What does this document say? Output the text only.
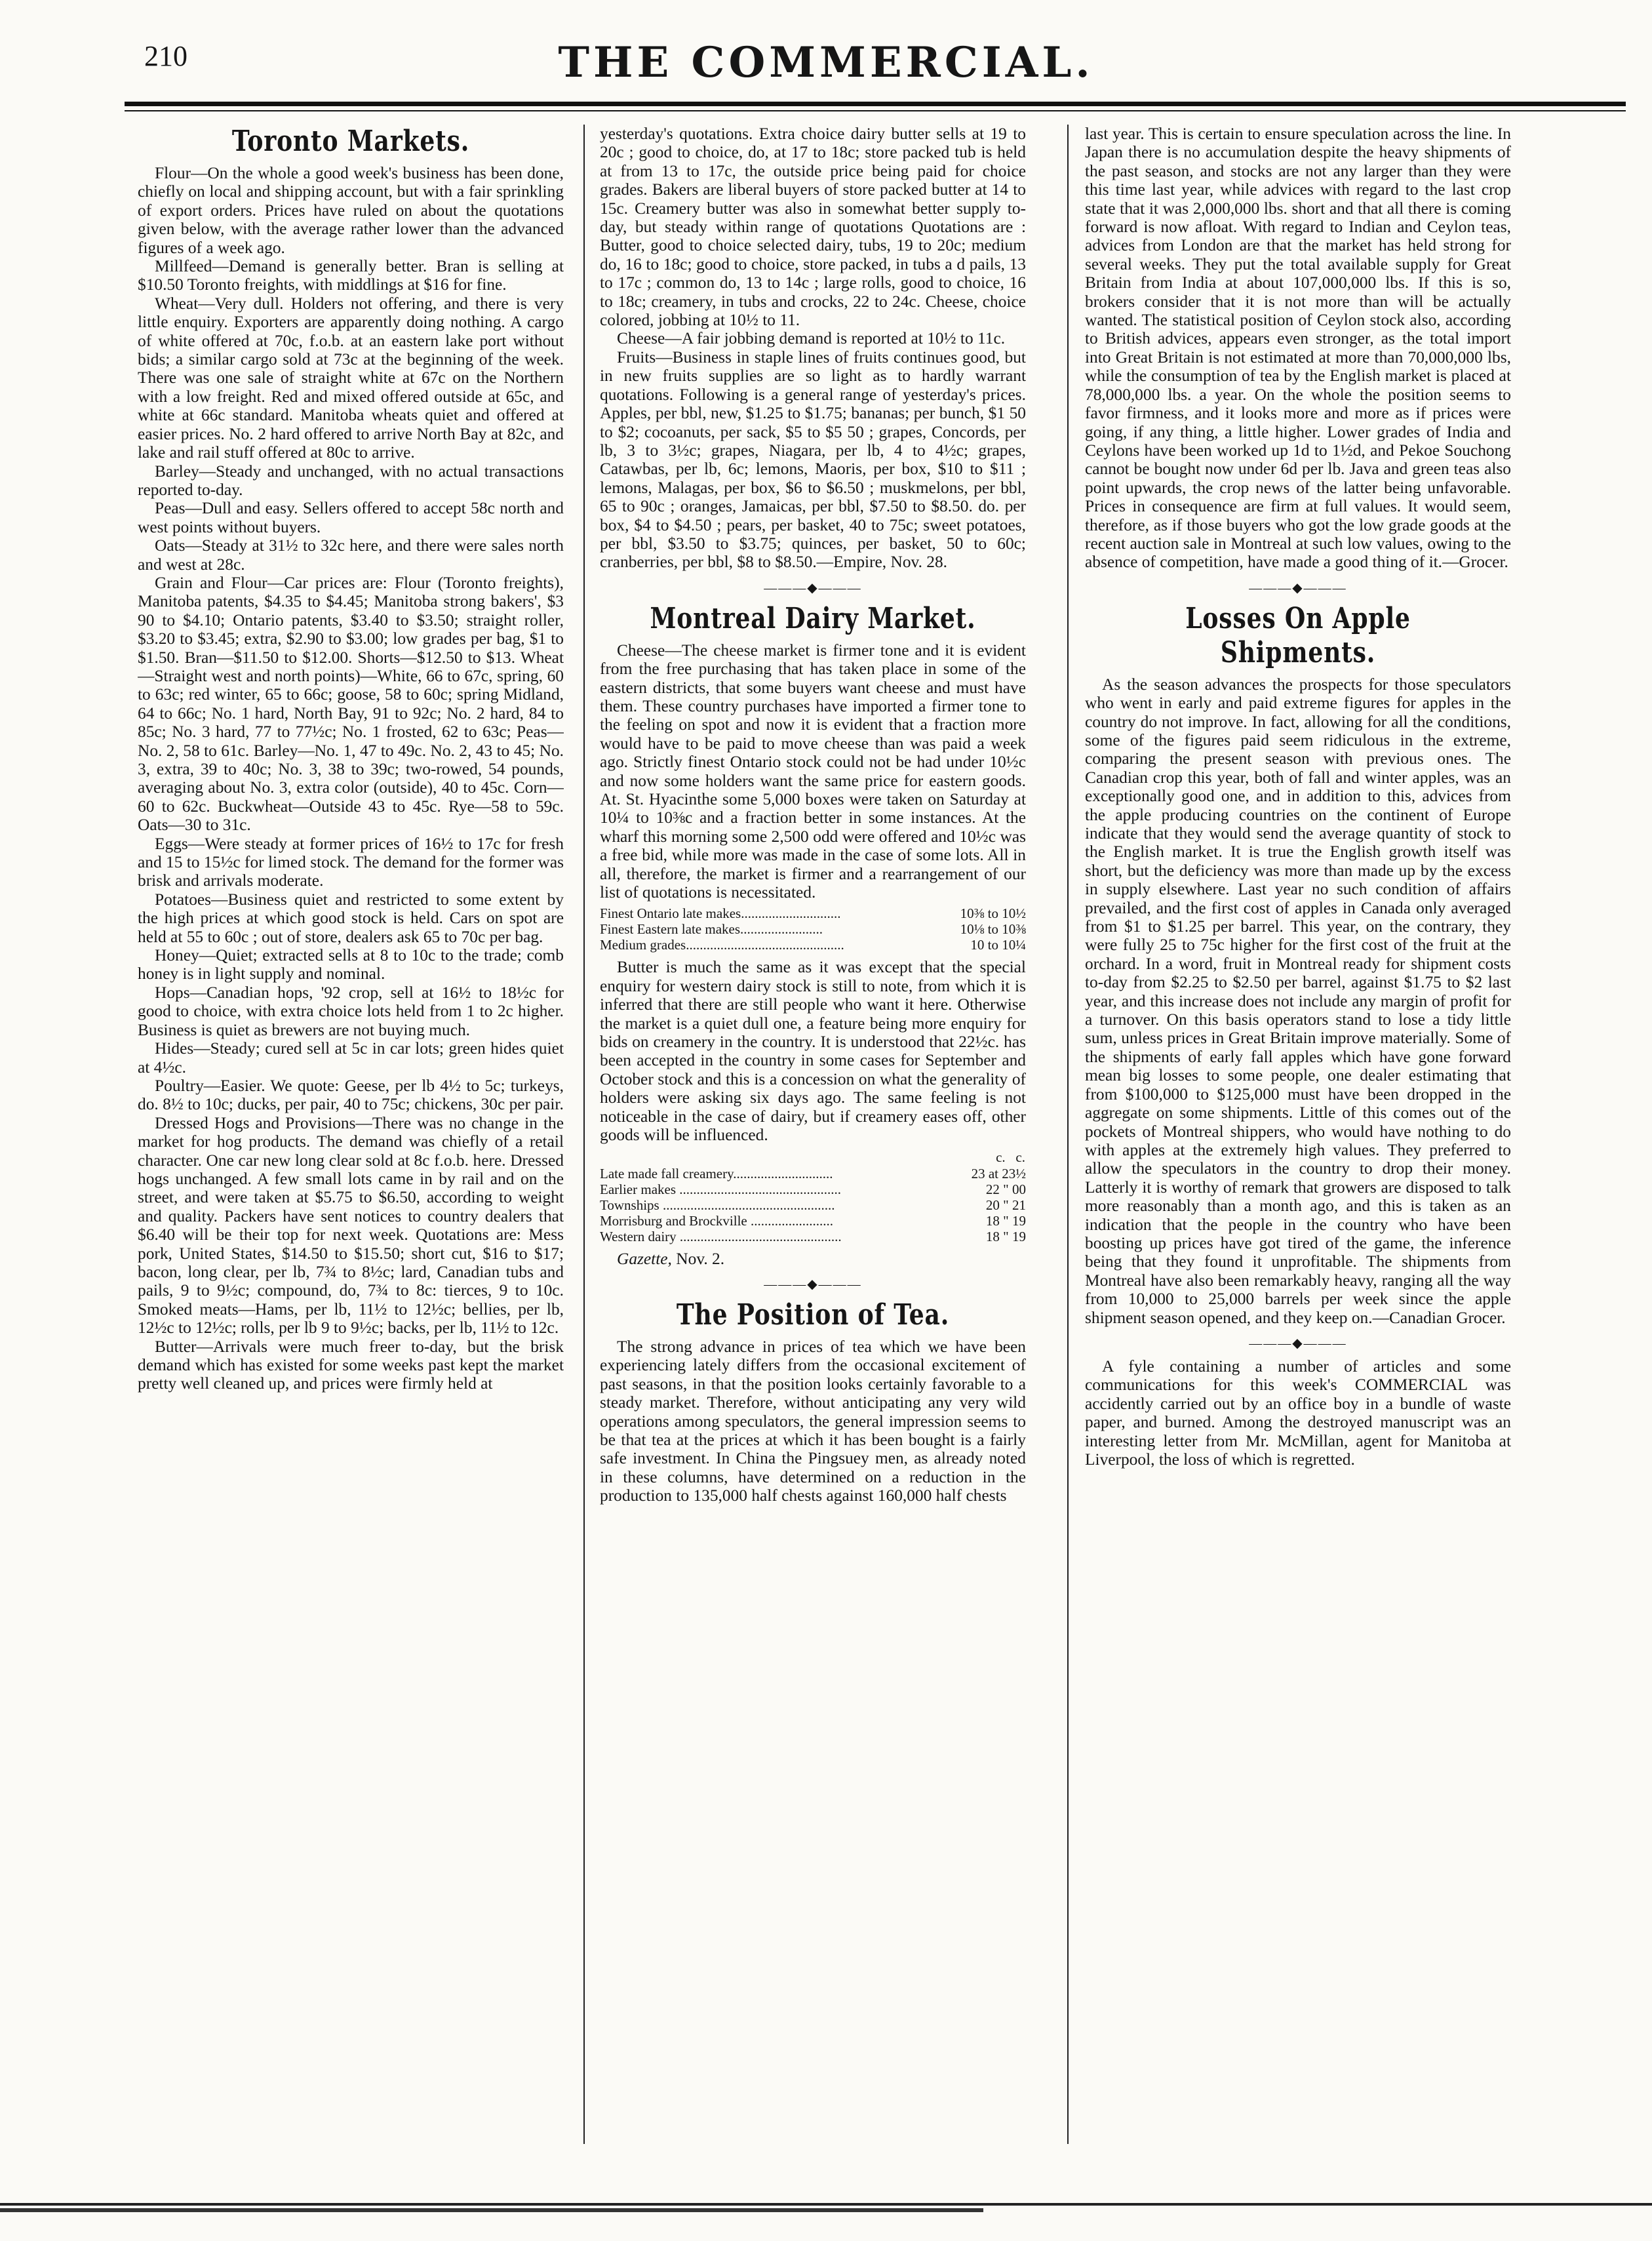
210	THE COMMERCIAL.
Toronto Markets.

Flour—On the whole a good week's business has been done, chiefly on local and shipping account, but with a fair sprinkling of export orders. Prices have ruled on about the quotations given below, with the average rather lower than the advanced figures of a week ago.

Millfeed—Demand is generally better. Bran is selling at $10.50 Toronto freights, with middlings at $16 for fine.

Wheat—Very dull. Holders not offering, and there is very little enquiry. Exporters are apparently doing nothing. A cargo of white offered at 70c, f.o.b. at an eastern lake port without bids; a similar cargo sold at 73c at the beginning of the week. There was one sale of straight white at 67c on the Northern with a low freight. Red and mixed offered outside at 65c, and white at 66c standard. Manitoba wheats quiet and offered at easier prices. No. 2 hard offered to arrive North Bay at 82c, and lake and rail stuff offered at 80c to arrive.

Barley—Steady and unchanged, with no actual transactions reported to-day.

Peas—Dull and easy. Sellers offered to accept 58c north and west points without buyers.

Oats—Steady at 31½ to 32c here, and there were sales north and west at 28c.

Grain and Flour—Car prices are: Flour (Toronto freights), Manitoba patents, $4.35 to $4.45; Manitoba strong bakers', $3 90 to $4.10; Ontario patents, $3.40 to $3.50; straight roller, $3.20 to $3.45; extra, $2.90 to $3.00; low grades per bag, $1 to $1.50. Bran—$11.50 to $12.00. Shorts—$12.50 to $13. Wheat—Straight west and north points)—White, 66 to 67c, spring, 60 to 63c; red winter, 65 to 66c; goose, 58 to 60c; spring Midland, 64 to 66c; No. 1 hard, North Bay, 91 to 92c; No. 2 hard, 84 to 85c; No. 3 hard, 77 to 77½c; No. 1 frosted, 62 to 63c; Peas—No. 2, 58 to 61c. Barley—No. 1, 47 to 49c. No. 2, 43 to 45; No. 3, extra, 39 to 40c; No. 3, 38 to 39c; two-rowed, 54 pounds, averaging about No. 3, extra color (outside), 40 to 45c. Corn—60 to 62c. Buckwheat—Outside 43 to 45c. Rye—58 to 59c. Oats—30 to 31c.

Eggs—Were steady at former prices of 16½ to 17c for fresh and 15 to 15½c for limed stock. The demand for the former was brisk and arrivals moderate.

Potatoes—Business quiet and restricted to some extent by the high prices at which good stock is held. Cars on spot are held at 55 to 60c ; out of store, dealers ask 65 to 70c per bag.

Honey—Quiet; extracted sells at 8 to 10c to the trade; comb honey is in light supply and nominal.

Hops—Canadian hops, '92 crop, sell at 16½ to 18½c for good to choice, with extra choice lots held from 1 to 2c higher. Business is quiet as brewers are not buying much.

Hides—Steady; cured sell at 5c in car lots; green hides quiet at 4½c.

Poultry—Easier. We quote: Geese, per lb 4½ to 5c; turkeys, do. 8½ to 10c; ducks, per pair, 40 to 75c; chickens, 30c per pair.

Dressed Hogs and Provisions—There was no change in the market for hog products. The demand was chiefly of a retail character. One car new long clear sold at 8c f.o.b. here. Dressed hogs unchanged. A few small lots came in by rail and on the street, and were taken at $5.75 to $6.50, according to weight and quality. Packers have sent notices to country dealers that $6.40 will be their top for next week. Quotations are: Mess pork, United States, $14.50 to $15.50; short cut, $16 to $17; bacon, long clear, per lb, 7¾ to 8½c; lard, Canadian tubs and pails, 9 to 9½c; compound, do, 7¾ to 8c: tierces, 9 to 10c. Smoked meats—Hams, per lb, 11½ to 12½c; bellies, per lb, 12½c to 12½c; rolls, per lb 9 to 9½c; backs, per lb, 11½ to 12c.

Butter—Arrivals were much freer to-day, but the brisk demand which has existed for some weeks past kept the market pretty well cleaned up, and prices were firmly held at

yesterday's quotations. Extra choice dairy butter sells at 19 to 20c ; good to choice, do, at 17 to 18c; store packed tub is held at from 13 to 17c, the outside price being paid for choice grades. Bakers are liberal buyers of store packed butter at 14 to 15c. Creamery butter was also in somewhat better supply to-day, but steady within range of quotations Quotations are : Butter, good to choice selected dairy, tubs, 19 to 20c; medium do, 16 to 18c; good to choice, store packed, in tubs a d pails, 13 to 17c ; common do, 13 to 14c ; large rolls, good to choice, 16 to 18c; creamery, in tubs and crocks, 22 to 24c. Cheese, choice colored, jobbing at 10½ to 11.

Cheese—A fair jobbing demand is reported at 10½ to 11c.

Fruits—Business in staple lines of fruits continues good, but in new fruits supplies are so light as to hardly warrant quotations. Following is a general range of yesterday's prices. Apples, per bbl, new, $1.25 to $1.75; bananas; per bunch, $1 50 to $2; cocoanuts, per sack, $5 to $5 50 ; grapes, Concords, per lb, 3 to 3½c; grapes, Niagara, per lb, 4 to 4½c; grapes, Catawbas, per lb, 6c; lemons, Maoris, per box, $10 to $11 ; lemons, Malagas, per box, $6 to $6.50 ; muskmelons, per bbl, 65 to 90c ; oranges, Jamaicas, per bbl, $7.50 to $8.50. do. per box, $4 to $4.50 ; pears, per basket, 40 to 75c; sweet potatoes, per bbl, $3.50 to $3.75; quinces, per basket, 50 to 60c; cranberries, per bbl, $8 to $8.50.—Empire, Nov. 28.

———◆———
Montreal Dairy Market.

Cheese—The cheese market is firmer tone and it is evident from the free purchasing that has taken place in some of the eastern districts, that some buyers want cheese and must have them. These country purchases have imported a firmer tone to the feeling on spot and now it is evident that a fraction more would have to be paid to move cheese than was paid a week ago. Strictly finest Ontario stock could not be had under 10½c and now some holders want the same price for eastern goods. At. St. Hyacinthe some 5,000 boxes were taken on Saturday at 10¼ to 10⅜c and a fraction better in some instances. At the wharf this morning some 2,500 odd were offered and 10½c was a free bid, while more was made in the case of some lots. All in all, therefore, the market is firmer and a rearrangement of our list of quotations is necessitated.

Finest Ontario late makes.............................	10⅜ to 10½
Finest Eastern late makes........................	10⅛ to 10⅜
Medium grades..............................................	10 to 10¼

Butter is much the same as it was except that the special enquiry for western dairy stock is still to note, from which it is inferred that there are still people who want it here. Otherwise the market is a quiet dull one, a feature being more enquiry for bids on creamery in the country. It is understood that 22½c. has been accepted in the country in some cases for September and October stock and this is a concession on what the generality of holders were asking six days ago. The same feeling is not noticeable in the case of dairy, but if creamery eases off, other goods will be influenced.

	c. c.
Late made fall creamery.............................	23 at 23½
Earlier makes ...............................................	22 " 00
Townships ..................................................	20 " 21
Morrisburg and Brockville ........................	18 " 19
Western dairy ...............................................	18 " 19

Gazette, Nov. 2.

———◆———
The Position of Tea.

The strong advance in prices of tea which we have been experiencing lately differs from the occasional excitement of past seasons, in that the position looks certainly favorable to a steady market. Therefore, without anticipating any very wild operations among speculators, the general impression seems to be that tea at the prices at which it has been bought is a fairly safe investment. In China the Pingsuey men, as already noted in these columns, have determined on a reduction in the production to 135,000 half chests against 160,000 half chests

last year. This is certain to ensure speculation across the line. In Japan there is no accumulation despite the heavy shipments of the past season, and stocks are not any larger than they were this time last year, while advices with regard to the last crop state that it was 2,000,000 lbs. short and that all there is coming forward is now afloat. With regard to Indian and Ceylon teas, advices from London are that the market has held strong for several weeks. They put the total available supply for Great Britain from India at about 107,000,000 lbs. If this is so, brokers consider that it is not more than will be actually wanted. The statistical position of Ceylon stock also, according to British advices, appears even stronger, as the total import into Great Britain is not estimated at more than 70,000,000 lbs, while the consumption of tea by the English market is placed at 78,000,000 lbs. a year. On the whole the position seems to favor firmness, and it looks more and more as if prices were going, if any thing, a little higher. Lower grades of India and Ceylons have been worked up 1d to 1½d, and Pekoe Souchong cannot be bought now under 6d per lb. Java and green teas also point upwards, the crop news of the latter being unfavorable. Prices in consequence are firm at full values. It would seem, therefore, as if those buyers who got the low grade goods at the recent auction sale in Montreal at such low values, owing to the absence of competition, have made a good thing of it.—Grocer.

———◆———
Losses On Apple Shipments.

As the season advances the prospects for those speculators who went in early and paid extreme figures for apples in the country do not improve. In fact, allowing for all the conditions, some of the figures paid seem ridiculous in the extreme, comparing the present season with previous ones. The Canadian crop this year, both of fall and winter apples, was an exceptionally good one, and in addition to this, advices from the apple producing countries on the continent of Europe indicate that they would send the average quantity of stock to the English market. It is true the English growth itself was short, but the deficiency was more than made up by the excess in supply elsewhere. Last year no such condition of affairs prevailed, and the first cost of apples in Canada only averaged from $1 to $1.25 per barrel. This year, on the contrary, they were fully 25 to 75c higher for the first cost of the fruit at the orchard. In a word, fruit in Montreal ready for shipment costs to-day from $2.25 to $2.50 per barrel, against $1.75 to $2 last year, and this increase does not include any margin of profit for a turnover. On this basis operators stand to lose a tidy little sum, unless prices in Great Britain improve materially. Some of the shipments of early fall apples which have gone forward mean big losses to some people, one dealer estimating that from $100,000 to $125,000 must have been dropped in the aggregate on some shipments. Little of this comes out of the pockets of Montreal shippers, who would have nothing to do with apples at the extremely high values. They preferred to allow the speculators in the country to drop their money. Latterly it is worthy of remark that growers are disposed to talk more reasonably than a month ago, and this is taken as an indication that the people in the country who have been boosting up prices have got tired of the game, the inference being that they found it unprofitable. The shipments from Montreal have also been remarkably heavy, ranging all the way from 10,000 to 25,000 barrels per week since the apple shipment season opened, and they keep on.—Canadian Grocer.

———◆———

A fyle containing a number of articles and some communications for this week's COMMERCIAL was accidently carried out by an office boy in a bundle of waste paper, and burned. Among the destroyed manuscript was an interesting letter from Mr. McMillan, agent for Manitoba at Liverpool, the loss of which is regretted.
